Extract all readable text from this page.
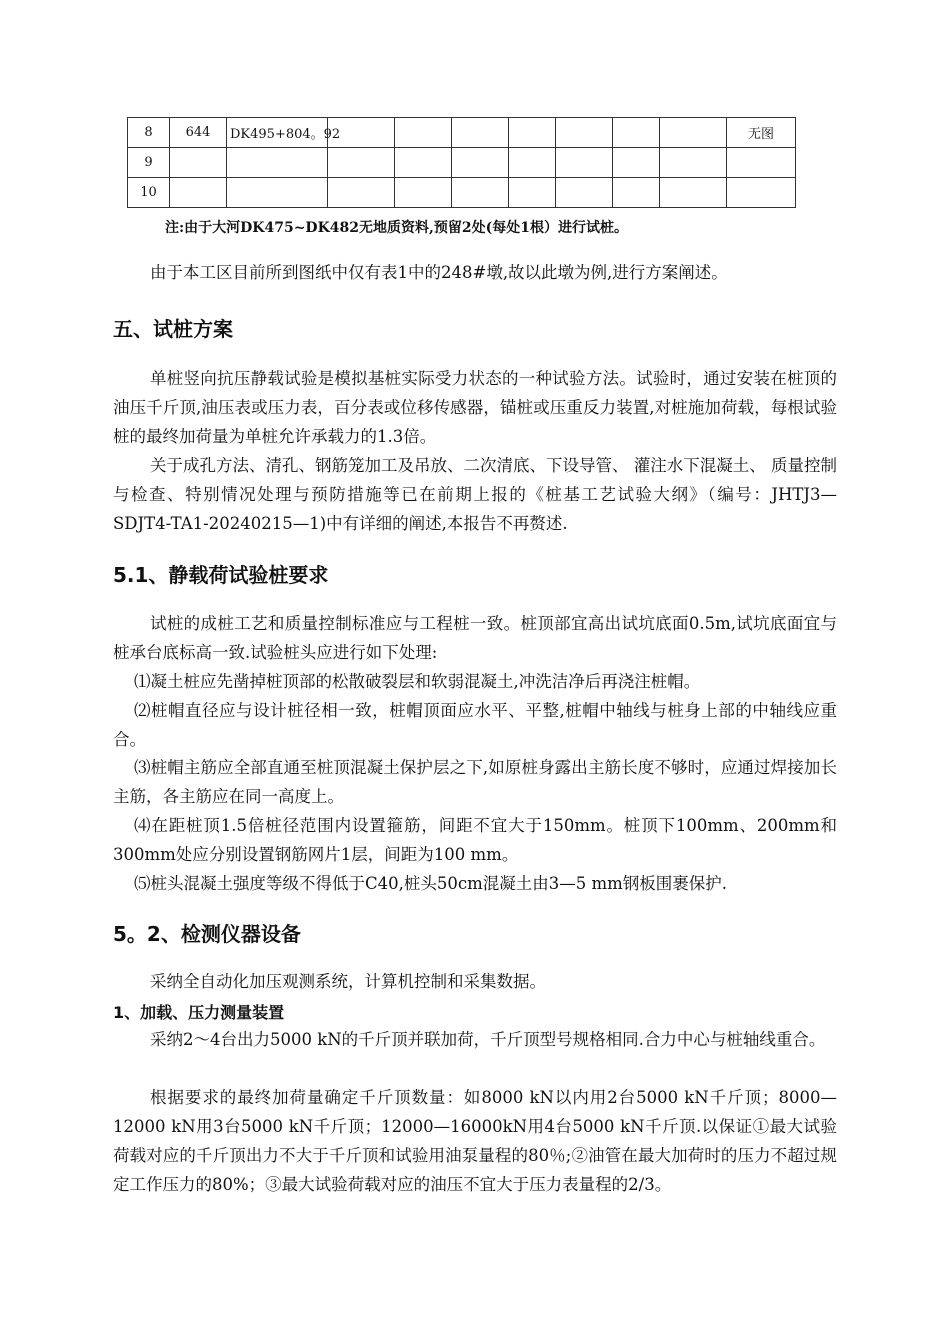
8	644	DK495+804。92								无图
9										
10										
注:由于大河DK475~DK482无地质资料,预留2处(每处1根）进行试桩。

由于本工区目前所到图纸中仅有表1中的248#墩,故以此墩为例,进行方案阐述。

五、试桩方案

单桩竖向抗压静载试验是模拟基桩实际受力状态的一种试验方法。试验时，通过安装在桩顶的油压千斤顶,油压表或压力表，百分表或位移传感器，锚桩或压重反力装置,对桩施加荷载，每根试验桩的最终加荷量为单桩允许承载力的1.3倍。

关于成孔方法、清孔、钢筋笼加工及吊放、二次清底、下设导管、 灌注水下混凝土、 质量控制与检查、特别情况处理与预防措施等已在前期上报的《桩基工艺试验大纲》（编号：JHTJ3—SDJT4-TA1-20240215—1)中有详细的阐述,本报告不再赘述.

5.1、静载荷试验桩要求

试桩的成桩工艺和质量控制标准应与工程桩一致。桩顶部宜高出试坑底面0.5m,试坑底面宜与桩承台底标高一致.试验桩头应进行如下处理:

⑴凝土桩应先凿掉桩顶部的松散破裂层和软弱混凝土,冲洗洁净后再浇注桩帽。

⑵桩帽直径应与设计桩径相一致，桩帽顶面应水平、平整,桩帽中轴线与桩身上部的中轴线应重合。

⑶桩帽主筋应全部直通至桩顶混凝土保护层之下,如原桩身露出主筋长度不够时，应通过焊接加长主筋，各主筋应在同一高度上。

⑷在距桩顶1.5倍桩径范围内设置箍筋，间距不宜大于150mm。桩顶下100mm、200mm和300mm处应分别设置钢筋网片1层，间距为100 mm。

⑸桩头混凝土强度等级不得低于C40,桩头50cm混凝土由3—5 mm钢板围裹保护.

5。2、检测仪器设备

采纳全自动化加压观测系统，计算机控制和采集数据。

1、加载、压力测量装置

采纳2～4台出力5000 kN的千斤顶并联加荷，千斤顶型号规格相同.合力中心与桩轴线重合。

根据要求的最终加荷量确定千斤顶数量：如8000 kN以内用2台5000 kN千斤顶；8000—12000 kN用3台5000 kN千斤顶；12000—16000kN用4台5000 kN千斤顶.以保证①最大试验荷载对应的千斤顶出力不大于千斤顶和试验用油泵量程的80％;②油管在最大加荷时的压力不超过规定工作压力的80%；③最大试验荷载对应的油压不宜大于压力表量程的2/3。
